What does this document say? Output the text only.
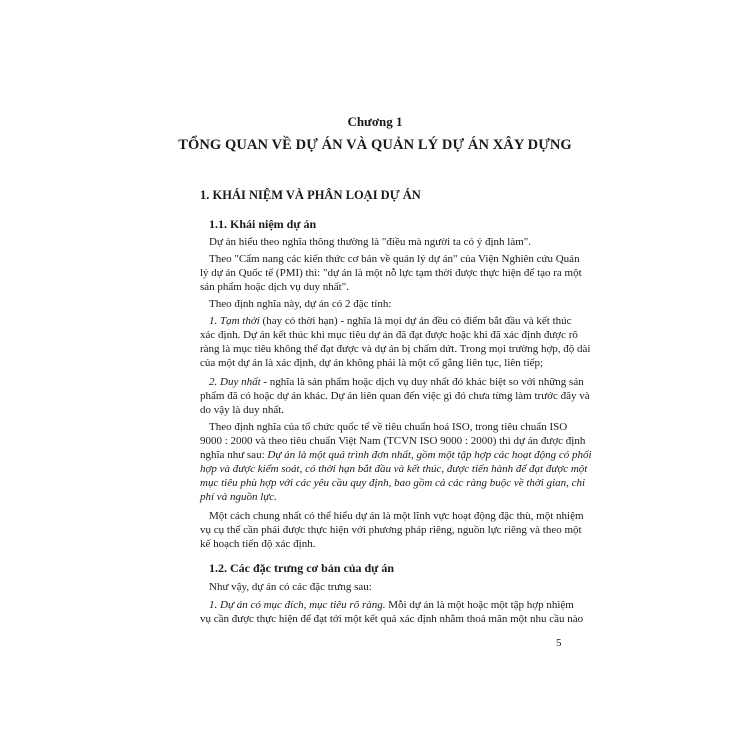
Chương 1
TỔNG QUAN VỀ DỰ ÁN VÀ QUẢN LÝ DỰ ÁN XÂY DỰNG
1. KHÁI NIỆM VÀ PHÂN LOẠI DỰ ÁN
1.1. Khái niệm dự án
Dự án hiểu theo nghĩa thông thường là "điều mà người ta có ý định làm".
Theo "Cẩm nang các kiến thức cơ bản về quản lý dự án" của Viện Nghiên cứu Quản
lý dự án Quốc tế (PMI) thì: "dự án là một nỗ lực tạm thời được thực hiện để tạo ra một
sản phẩm hoặc dịch vụ duy nhất".
Theo định nghĩa này, dự án có 2 đặc tính:
1. Tạm thời (hay có thời hạn) - nghĩa là mọi dự án đều có điểm bắt đầu và kết thúc
xác định. Dự án kết thúc khi mục tiêu dự án đã đạt được hoặc khi đã xác định được rõ
ràng là mục tiêu không thể đạt được và dự án bị chấm dứt. Trong mọi trường hợp, độ dài
của một dự án là xác định, dự án không phải là một cố gắng liên tục, liên tiếp;
2. Duy nhất - nghĩa là sản phẩm hoặc dịch vụ duy nhất đó khác biệt so với những sản
phẩm đã có hoặc dự án khác. Dự án liên quan đến việc gì đó chưa từng làm trước đây và
do vậy là duy nhất.
Theo định nghĩa của tổ chức quốc tế về tiêu chuẩn hoá ISO, trong tiêu chuẩn ISO
9000 : 2000 và theo tiêu chuẩn Việt Nam (TCVN ISO 9000 : 2000) thì dự án được định
nghĩa như sau: Dự án là một quá trình đơn nhất, gồm một tập hợp các hoạt động có phối
hợp và được kiểm soát, có thời hạn bắt đầu và kết thúc, được tiến hành để đạt được một
mục tiêu phù hợp với các yêu cầu quy định, bao gồm cả các ràng buộc về thời gian, chi
phí và nguồn lực.
Một cách chung nhất có thể hiểu dự án là một lĩnh vực hoạt động đặc thù, một nhiệm
vụ cụ thể cần phải được thực hiện với phương pháp riêng, nguồn lực riêng và theo một
kế hoạch tiến độ xác định.
1.2. Các đặc trưng cơ bản của dự án
Như vậy, dự án có các đặc trưng sau:
1. Dự án có mục đích, mục tiêu rõ ràng. Mỗi dự án là một hoặc một tập hợp nhiệm
vụ cần được thực hiện để đạt tới một kết quả xác định nhằm thoả mãn một nhu cầu nào
5
